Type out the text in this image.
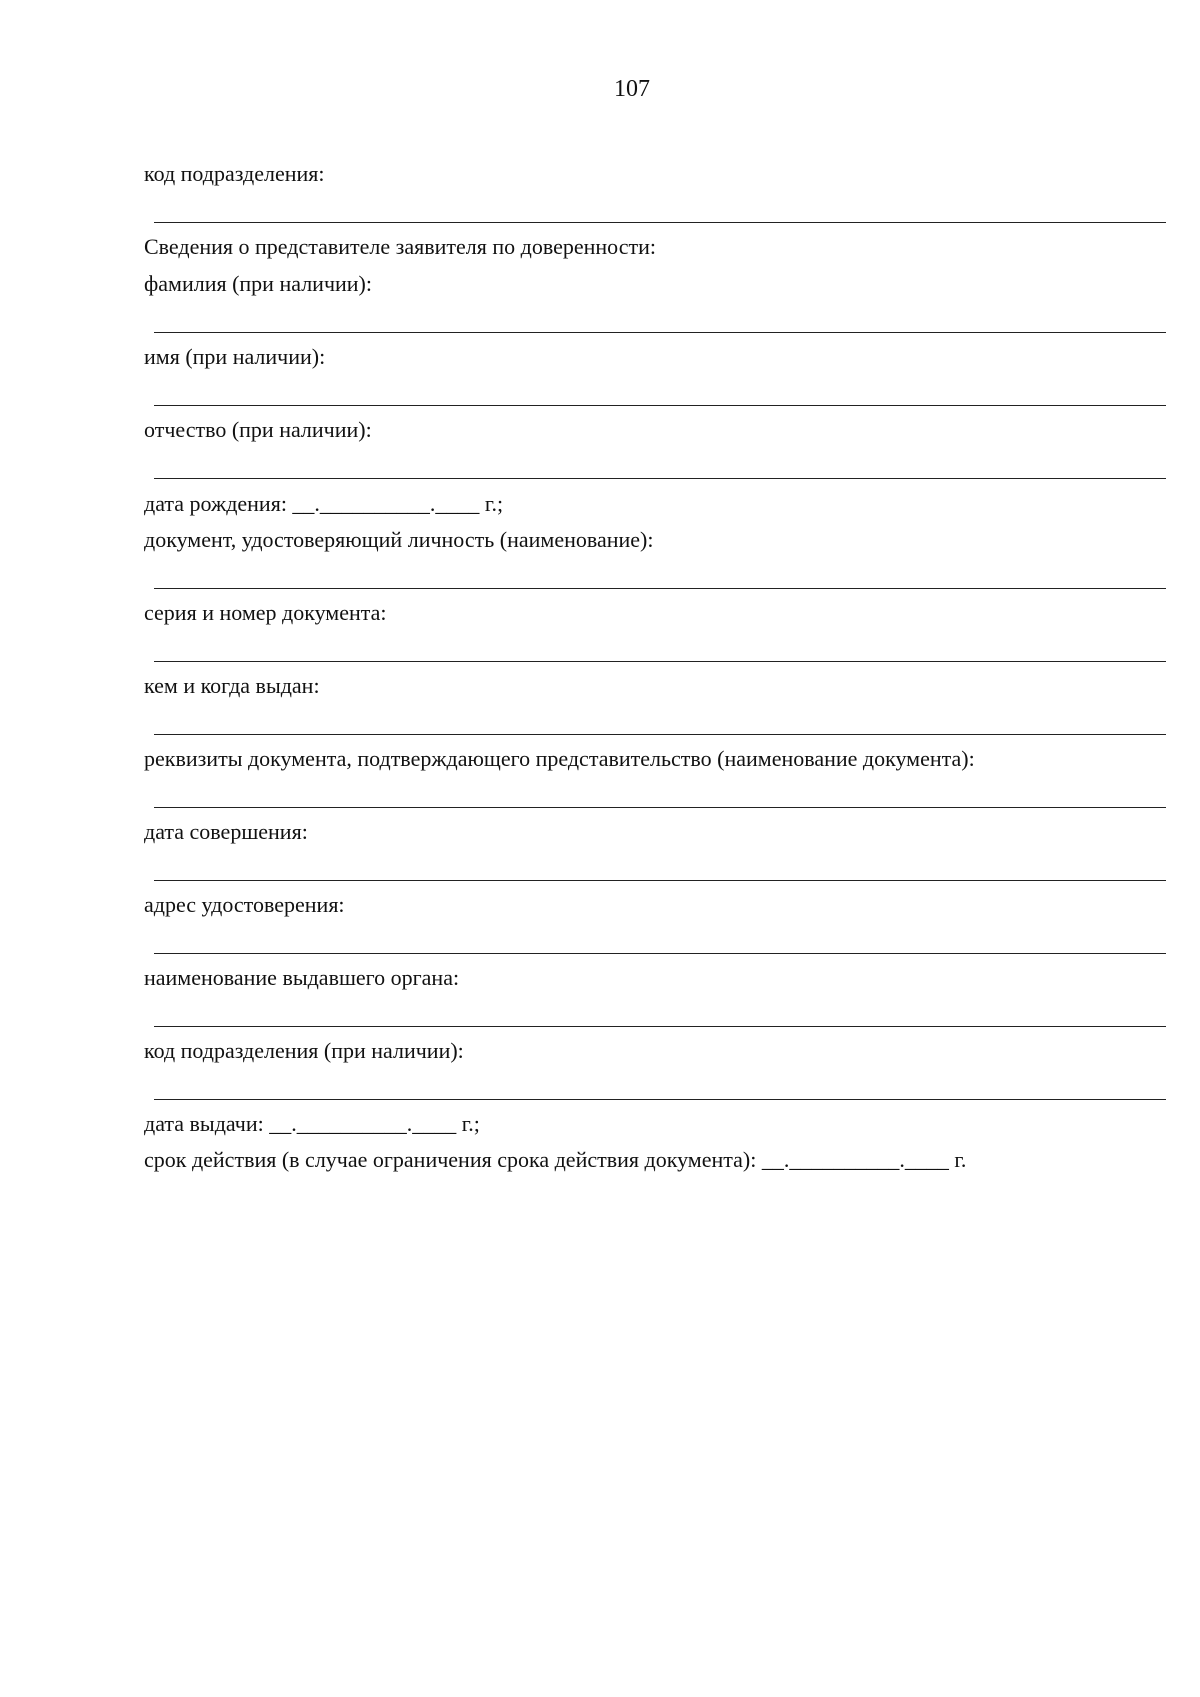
107
код подразделения:
Сведения о представителе заявителя по доверенности:
фамилия (при наличии):
имя (при наличии):
отчество (при наличии):
дата рождения: __.__________.____ г.;
документ, удостоверяющий личность (наименование):
серия и номер документа:
кем и когда выдан:
реквизиты документа, подтверждающего представительство (наименование документа):
дата совершения:
адрес удостоверения:
наименование выдавшего органа:
код подразделения (при наличии):
дата выдачи: __.__________.____ г.;
срок действия (в случае ограничения срока действия документа): __.__________.____ г.
